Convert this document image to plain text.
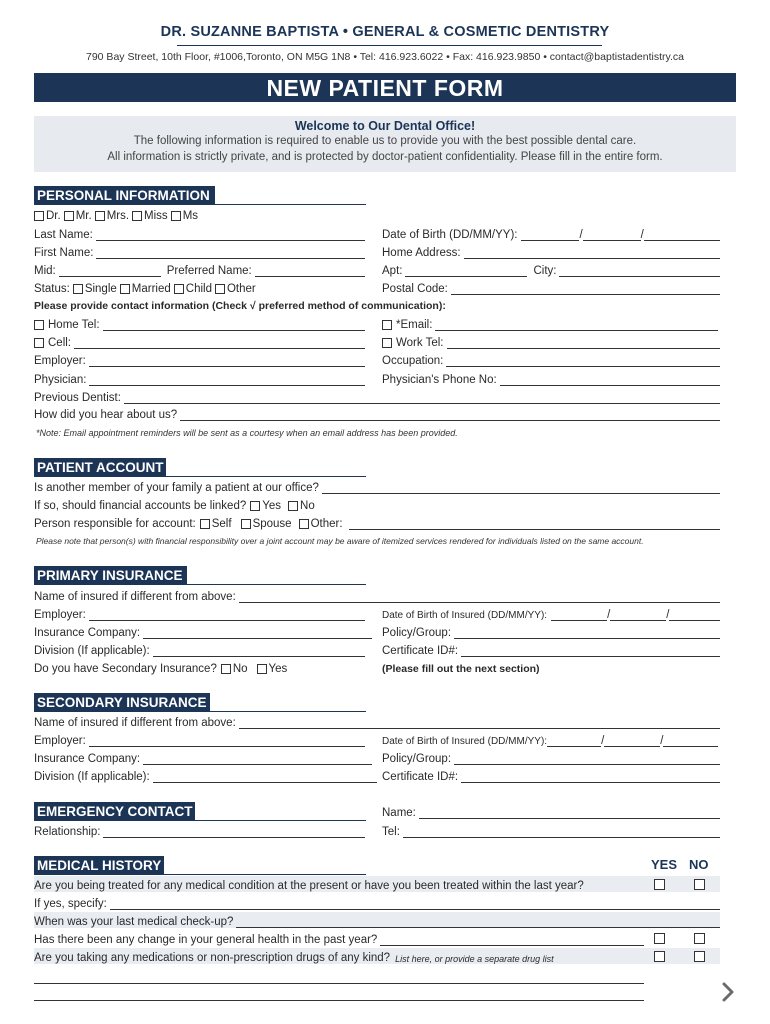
DR. SUZANNE BAPTISTA • GENERAL & COSMETIC DENTISTRY
790 Bay Street, 10th Floor, #1006,Toronto, ON M5G 1N8 • Tel: 416.923.6022 • Fax: 416.923.9850 • contact@baptistadentistry.ca
NEW PATIENT FORM
Welcome to Our Dental Office!
The following information is required to enable us to provide you with the best possible dental care.
All information is strictly private, and is protected by doctor-patient confidentiality. Please fill in the entire form.
PERSONAL INFORMATION
Dr. Mr. Mrs. Miss Ms
Last Name:	Date of Birth (DD/MM/YY):	/	/
First Name:	Home Address:
Mid:	Preferred Name:	Apt:	City:
Status: Single Married Child Other	Postal Code:
Please provide contact information (Check √ preferred method of communication):
Home Tel:	*Email:
Cell:	Work Tel:
Employer:	Occupation:
Physician:	Physician's Phone No:
Previous Dentist:
How did you hear about us?
*Note: Email appointment reminders will be sent as a courtesy when an email address has been provided.
PATIENT ACCOUNT
Is another member of your family a patient at our office?
If so, should financial accounts be linked? Yes No
Person responsible for account: Self Spouse Other:
Please note that person(s) with financial responsibility over a joint account may be aware of itemized services rendered for individuals listed on the same account.
PRIMARY INSURANCE
Name of insured if different from above:
Employer:	Date of Birth of Insured (DD/MM/YY):	/	/
Insurance Company:	Policy/Group:
Division (If applicable):	Certificate ID#:
Do you have Secondary Insurance? No Yes	(Please fill out the next section)
SECONDARY INSURANCE
Name of insured if different from above:
Employer:	Date of Birth of Insured (DD/MM/YY):	/	/
Insurance Company:	Policy/Group:
Division (If applicable):	Certificate ID#:
EMERGENCY CONTACT	Name:
Relationship:	Tel:
MEDICAL HISTORY	YES NO
Are you being treated for any medical condition at the present or have you been treated within the last year?
If yes, specify:
When was your last medical check-up?
Has there been any change in your general health in the past year?
Are you taking any medications or non-prescription drugs of any kind? List here, or provide a separate drug list
